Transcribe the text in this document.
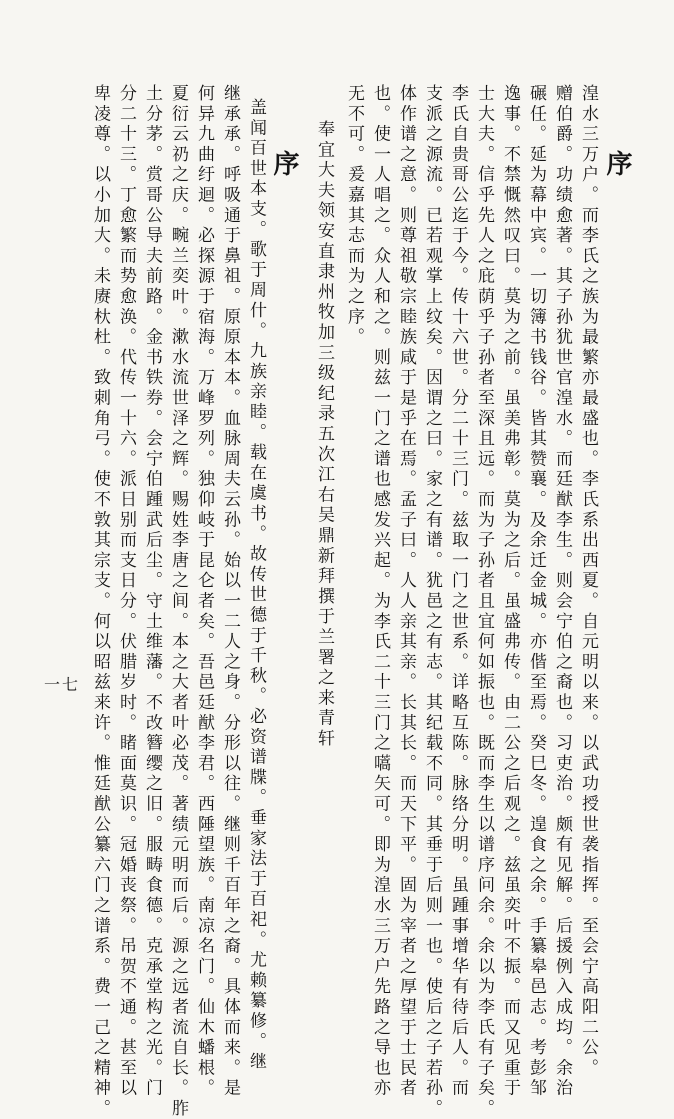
序
湟水三万户。而李氏之族为最繁亦最盛也。李氏系出西夏。自元明以来。以武功授世袭指挥。至会宁高阳二公。
赠伯爵。功绩愈著。其子孙犹世官湟水。而廷猷李生。则会宁伯之裔也。习吏治。颇有见解。后援例入成均。余治
碾任。延为幕中宾。一切簿书钱谷。皆其赞襄。及余迁金城。亦偕至焉。癸巳冬。遑食之余。手纂皋邑志。考彭邹
逸事。不禁慨然叹曰。莫为之前。虽美弗彰。莫为之后。虽盛弗传。由二公之后观之。兹虽奕叶不振。而又见重于
士大夫。信乎先人之庇荫乎子孙者至深且远。而为子孙者且宜何如振也。既而李生以谱序问余。余以为李氏有子矣。
李氏自贵哥公迄于今。传十六世。分二十三门。兹取一门之世系。详略互陈。脉络分明。虽踵事增华有待后人。而
支派之源流。已若观掌上纹矣。因谓之曰。家之有谱。犹邑之有志。其纪载不同。其垂于后则一也。使后之子若孙。
体作谱之意。则尊祖敬宗睦族咸于是乎在焉。孟子曰。人人亲其亲。长其长。而天下平。固为宰者之厚望于士民者
也。使一人唱之。众人和之。则兹一门之谱也感发兴起。为李氏二十三门之嚆矢可。即为湟水三万户先路之导也亦
无不可。爰嘉其志而为之序。
奉宜大夫领安直隶州牧加三级纪录五次江右吴鼎新拜撰于兰署之来青轩
序
盖闻百世本支。歌于周什。九族亲睦。载在虞书。故传世德于千秋。必资谱牒。垂家法于百祀。尤赖纂修。继
继承承。呼吸通于鼻祖。原原本本。血脉周夫云孙。始以一二人之身。分形以往。继则千百年之裔。具体而来。是
何异九曲纡迴。必探源于宿海。万峰罗列。独仰岐于昆仑者矣。吾邑廷猷李君。西陲望族。南凉名门。仙木蟠根。
夏衍云礽之庆。畹兰奕叶。漱水流世泽之辉。赐姓李唐之间。本之大者叶必茂。著绩元明而后。源之远者流自长。胙
土分茅。赏哥公导夫前路。金书铁券。会宁伯踵武后尘。守土维藩。不改簪缨之旧。服畴食德。克承堂构之光。门
分二十三。丁愈繁而势愈涣。代传一十六。派日别而支日分。伏腊岁时。睹面莫识。冠婚丧祭。吊贺不通。甚至以
卑凌尊。以小加大。未赓杕杜。致刺角弓。使不敦其宗支。何以昭兹来许。惟廷猷公纂六门之谱系。费一己之精神。
一七
